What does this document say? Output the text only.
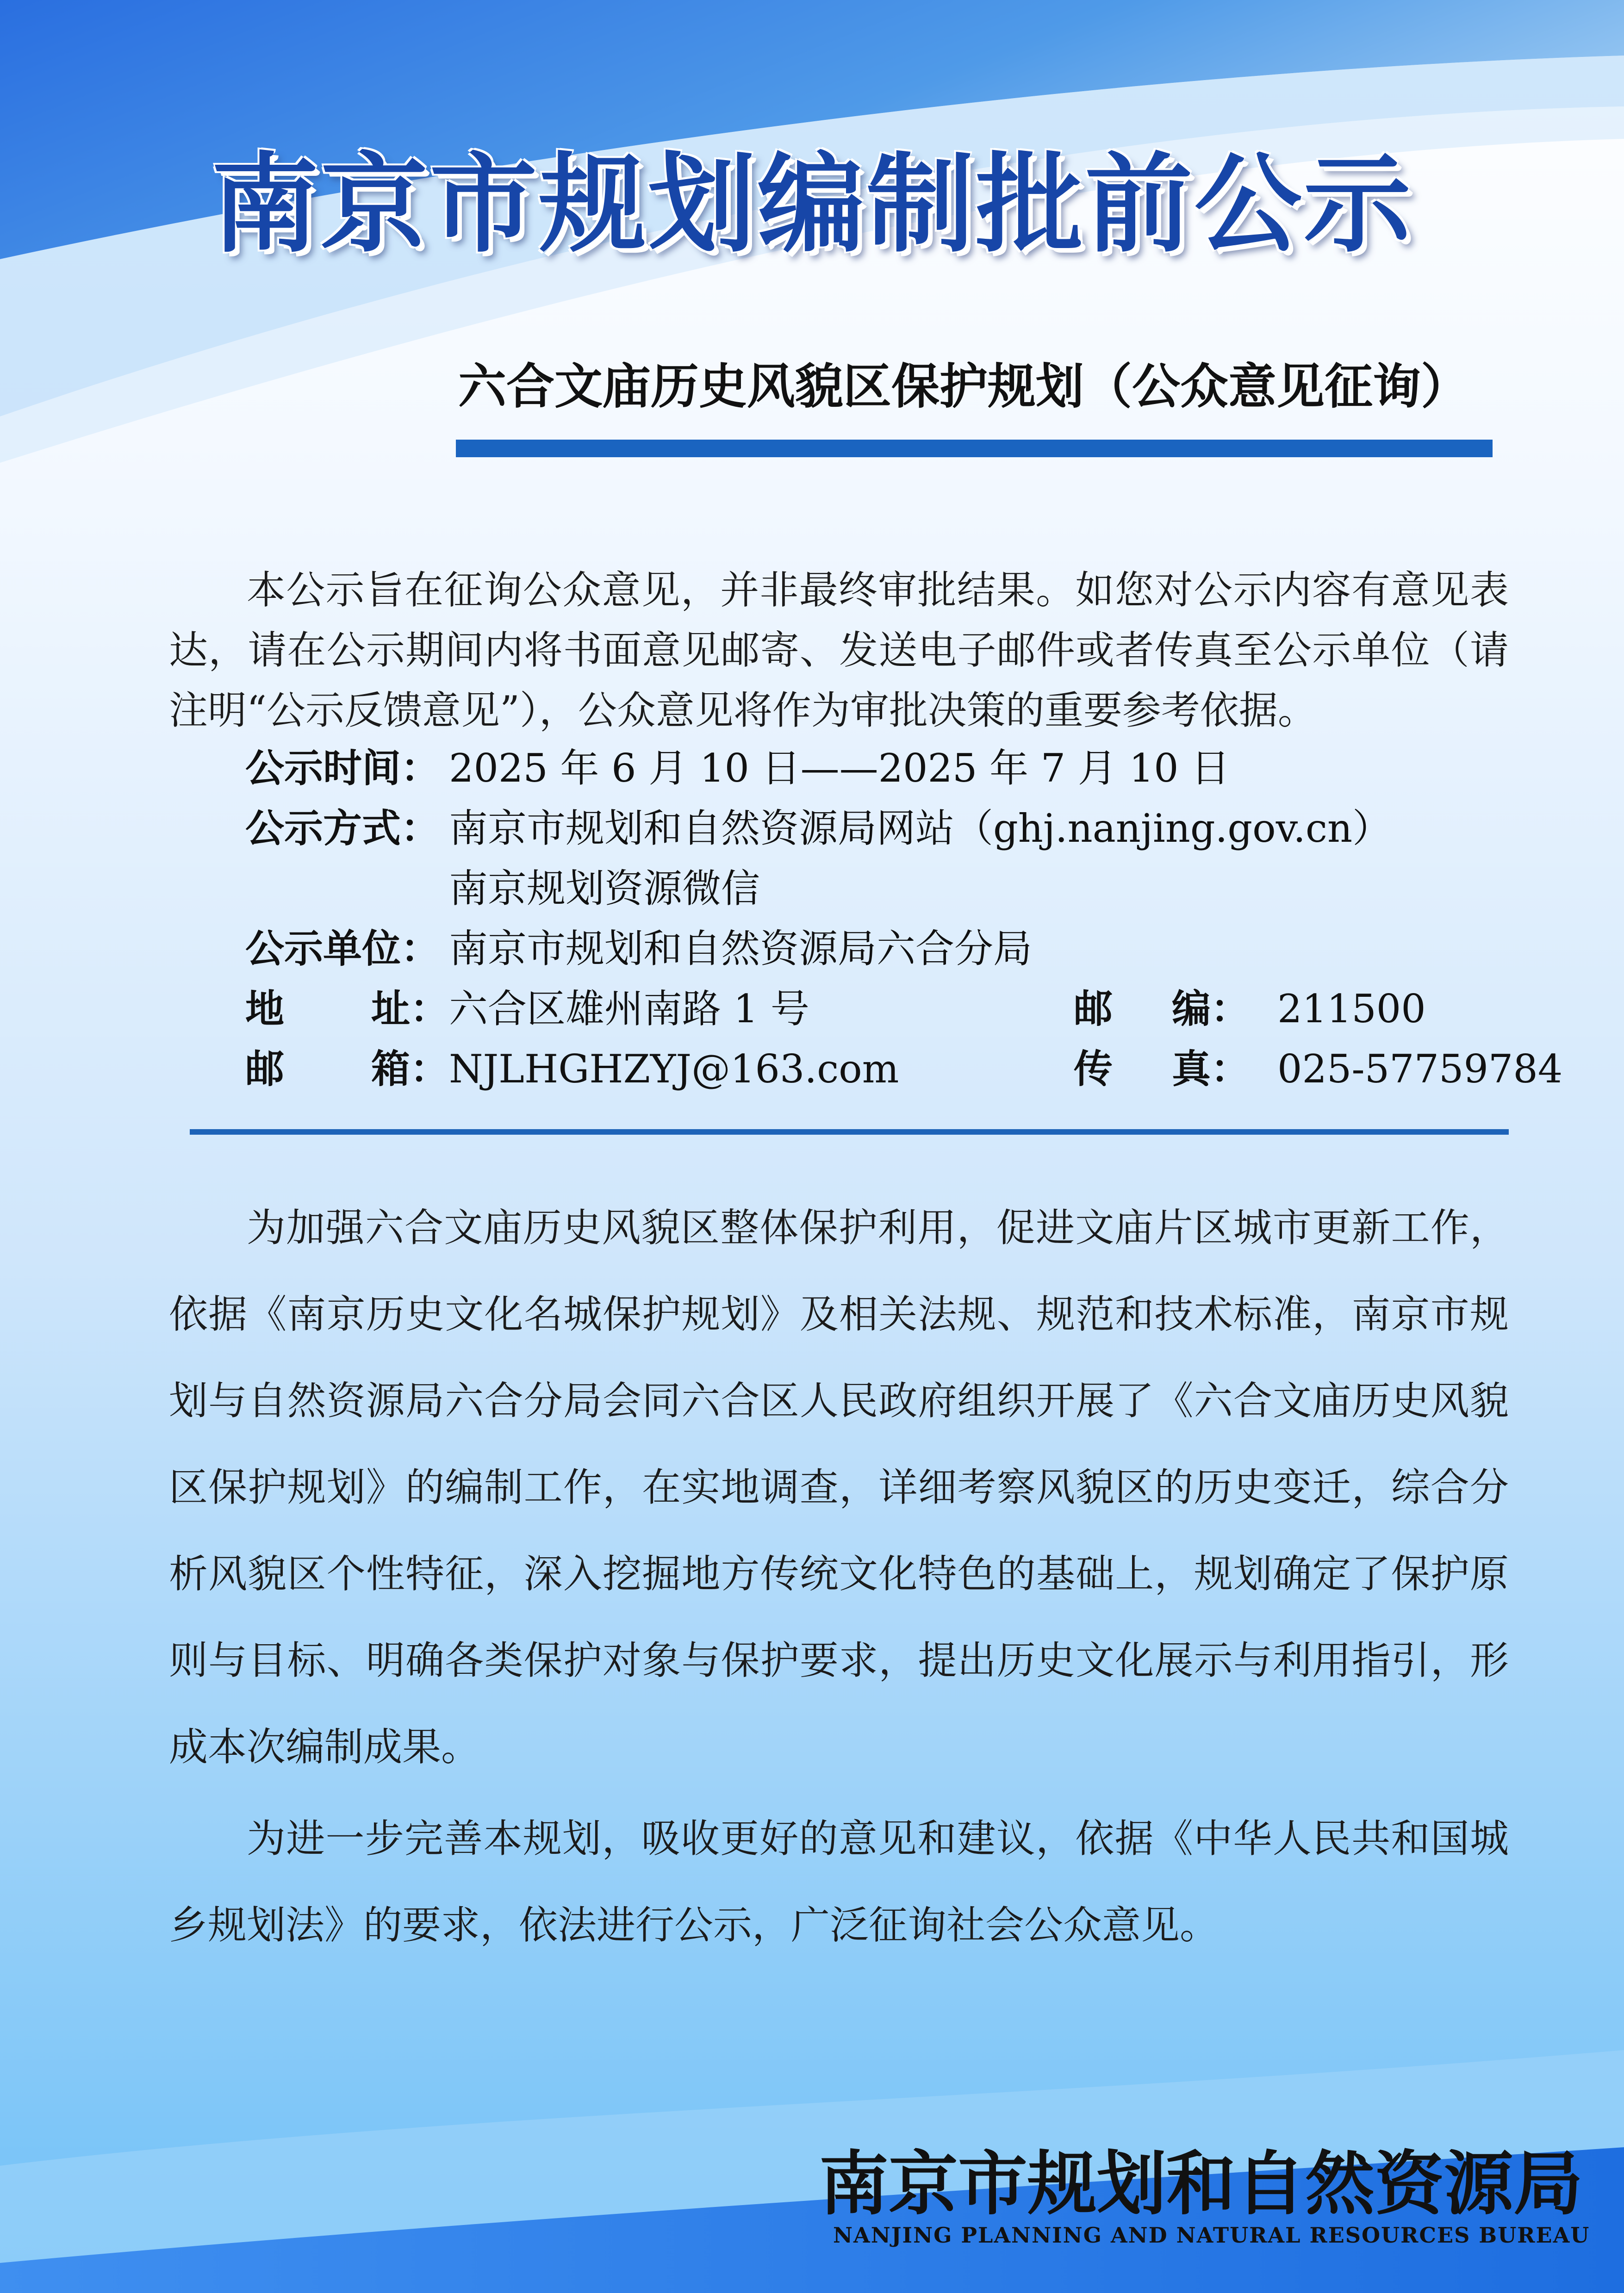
南京市规划编制批前公示
六合文庙历史风貌区保护规划（公众意见征询）

本公示旨在征询公众意见，并非最终审批结果。如您对公示内容有意见表达，请在公示期间内将书面意见邮寄、发送电子邮件或者传真至公示单位（请注明“公示反馈意见”），公众意见将作为审批决策的重要参考依据。

公示时间： 2025 年 6 月 10 日——2025 年 7 月 10 日
公示方式： 南京市规划和自然资源局网站（ghj.nanjing.gov.cn）
南京规划资源微信
公示单位： 南京市规划和自然资源局六合分局
地 址： 六合区雄州南路 1 号	邮 编： 211500
邮 箱： NJLHGHZYJ@163.com	传 真： 025-57759784

为加强六合文庙历史风貌区整体保护利用，促进文庙片区城市更新工作，依据《南京历史文化名城保护规划》及相关法规、规范和技术标准，南京市规划与自然资源局六合分局会同六合区人民政府组织开展了《六合文庙历史风貌区保护规划》的编制工作，在实地调查，详细考察风貌区的历史变迁，综合分析风貌区个性特征，深入挖掘地方传统文化特色的基础上，规划确定了保护原则与目标、明确各类保护对象与保护要求，提出历史文化展示与利用指引，形成本次编制成果。

为进一步完善本规划，吸收更好的意见和建议，依据《中华人民共和国城乡规划法》的要求，依法进行公示，广泛征询社会公众意见。

南京市规划和自然资源局
NANJING PLANNING AND NATURAL RESOURCES BUREAU
